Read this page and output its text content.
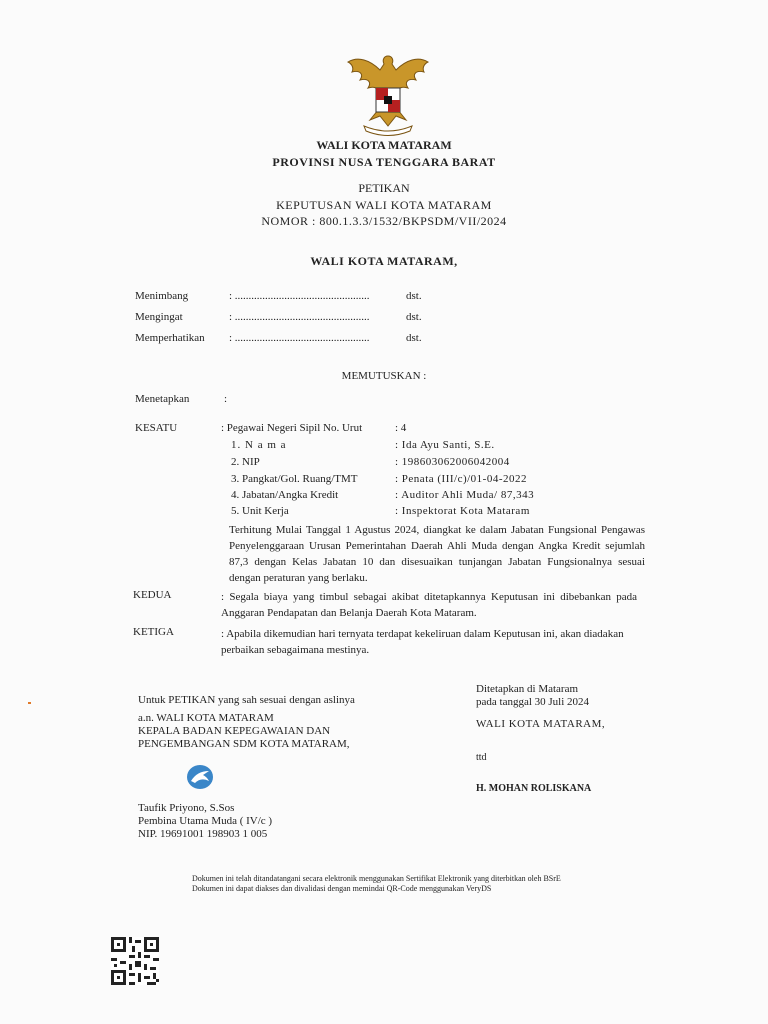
WALI KOTA MATARAM
PROVINSI NUSA TENGGARA BARAT
PETIKAN
KEPUTUSAN WALI KOTA MATARAM
NOMOR : 800.1.3.3/1532/BKPSDM/VII/2024
WALI KOTA MATARAM,
Menimbang	: .................................................	dst.
Mengingat	: .................................................	dst.
Memperhatikan : .................................................	dst.
MEMUTUSKAN :
Menetapkan	:
KESATU	: Pegawai Negeri Sipil No. Urut	: 4
1. N a m a	: Ida Ayu Santi, S.E.
2. NIP	: 198603062006042004
3. Pangkat/Gol. Ruang/TMT	: Penata (III/c)/01-04-2022
4. Jabatan/Angka Kredit	: Auditor Ahli Muda/ 87,343
5. Unit Kerja	: Inspektorat Kota Mataram
Terhitung Mulai Tanggal 1 Agustus 2024, diangkat ke dalam Jabatan Fungsional Pengawas Penyelenggaraan Urusan Pemerintahan Daerah Ahli Muda dengan Angka Kredit sejumlah 87,3 dengan Kelas Jabatan 10 dan disesuaikan tunjangan Jabatan Fungsionalnya sesuai dengan peraturan yang berlaku.
KEDUA	: Segala biaya yang timbul sebagai akibat ditetapkannya Keputusan ini dibebankan pada Anggaran Pendapatan dan Belanja Daerah Kota Mataram.
KETIGA	: Apabila dikemudian hari ternyata terdapat kekeliruan dalam Keputusan ini, akan diadakan perbaikan sebagaimana mestinya.
Untuk PETIKAN yang sah sesuai dengan aslinya
a.n. WALI KOTA MATARAM
KEPALA BADAN KEPEGAWAIAN DAN
PENGEMBANGAN SDM KOTA MATARAM,
Taufik Priyono, S.Sos
Pembina Utama Muda ( IV/c )
NIP. 19691001 198903 1 005
Ditetapkan di Mataram
pada tanggal 30 Juli 2024
WALI KOTA MATARAM,
ttd
H. MOHAN ROLISKANA
Dokumen ini telah ditandatangani secara elektronik menggunakan Sertifikat Elektronik yang diterbitkan oleh BSrE
Dokumen ini dapat diakses dan divalidasi dengan memindai QR-Code menggunakan VeryDS
